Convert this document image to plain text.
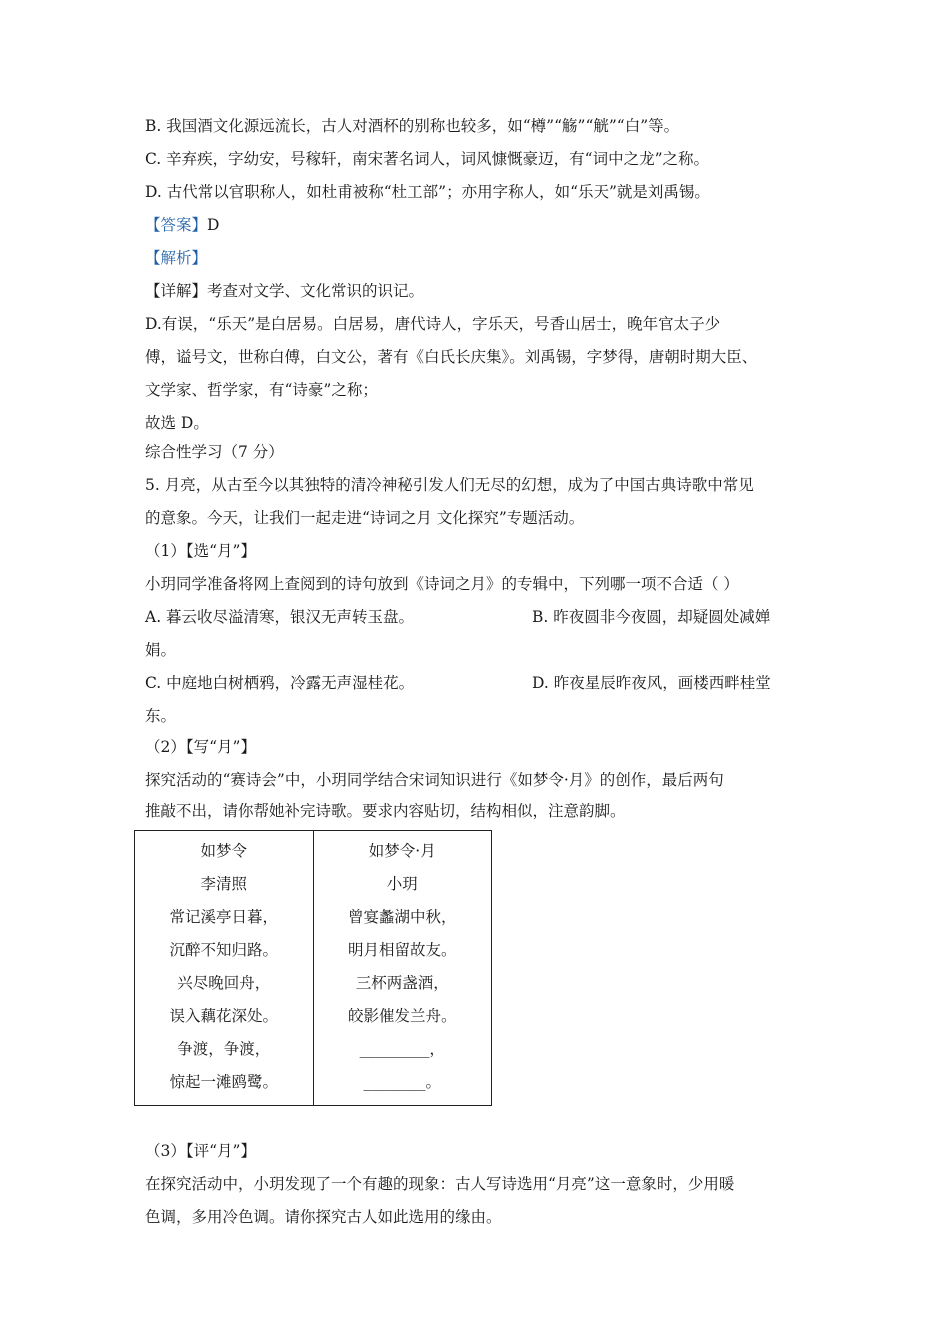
B. 我国酒文化源远流长，古人对酒杯的别称也较多，如“樽”“觞”“觥”“白”等。
C. 辛弃疾，字幼安，号稼轩，南宋著名词人，词风慷慨豪迈，有“词中之龙”之称。
D. 古代常以官职称人，如杜甫被称“杜工部”；亦用字称人，如“乐天”就是刘禹锡。
【答案】D
【解析】
【详解】考查对文学、文化常识的识记。
D.有误，“乐天”是白居易。白居易，唐代诗人，字乐天，号香山居士，晚年官太子少
傅，谥号文，世称白傅，白文公，著有《白氏长庆集》。刘禹锡，字梦得，唐朝时期大臣、
文学家、哲学家，有“诗豪”之称；
故选 D。
综合性学习（7 分）
5. 月亮，从古至今以其独特的清冷神秘引发人们无尽的幻想，成为了中国古典诗歌中常见
的意象。今天，让我们一起走进“诗词之月 文化探究”专题活动。
（1）【选“月”】
小玥同学准备将网上查阅到的诗句放到《诗词之月》的专辑中，下列哪一项不合适（ ）
A. 暮云收尽溢清寒，银汉无声转玉盘。	B. 昨夜圆非今夜圆，却疑圆处减婵
娟。
C. 中庭地白树栖鸦，冷露无声湿桂花。	D. 昨夜星辰昨夜风，画楼西畔桂堂
东。
（2）【写“月”】
探究活动的“赛诗会”中，小玥同学结合宋词知识进行《如梦令·月》的创作，最后两句
推敲不出，请你帮她补完诗歌。要求内容贴切，结构相似，注意韵脚。
如梦令
李清照
常记溪亭日暮，
沉醉不知归路。
兴尽晚回舟，
误入藕花深处。
争渡，争渡，
惊起一滩鸥鹭。
如梦令·月
小玥
曾宴蠡湖中秋，
明月相留故友。
三杯两盏酒，
皎影催发兰舟。
_________，
________。
（3）【评“月”】
在探究活动中，小玥发现了一个有趣的现象：古人写诗选用“月亮”这一意象时，少用暖
色调，多用冷色调。请你探究古人如此选用的缘由。
